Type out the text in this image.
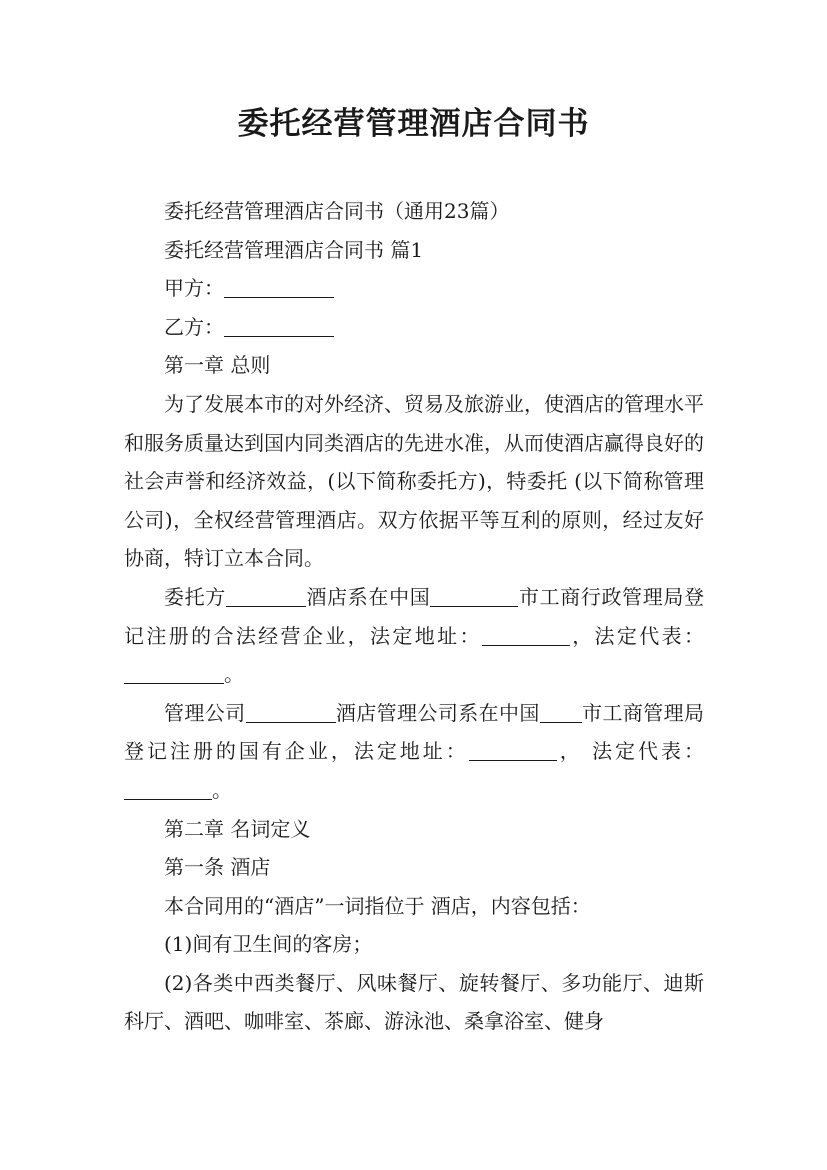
委托经营管理酒店合同书

委托经营管理酒店合同书（通用23篇）

委托经营管理酒店合同书 篇1

甲方：

乙方：

第一章 总则

为了发展本市的对外经济、贸易及旅游业，使酒店的管理水平和服务质量达到国内同类酒店的先进水准，从而使酒店赢得良好的社会声誉和经济效益，(以下简称委托方)，特委托 (以下简称管理公司)，全权经营管理酒店。双方依据平等互利的原则，经过友好协商，特订立本合同。

委托方	酒店系在中国	市工商行政管理局登记注册的合法经营企业，法定地址：	，法定代表：。

管理公司	酒店管理公司系在中国 市工商管理局登记注册的国有企业，法定地址：	， 法定代表：。

第二章 名词定义

第一条 酒店

本合同用的“酒店”一词指位于 酒店，内容包括：

(1)间有卫生间的客房；

(2)各类中西类餐厅、风味餐厅、旋转餐厅、多功能厅、迪斯科厅、酒吧、咖啡室、茶廊、游泳池、桑拿浴室、健身
